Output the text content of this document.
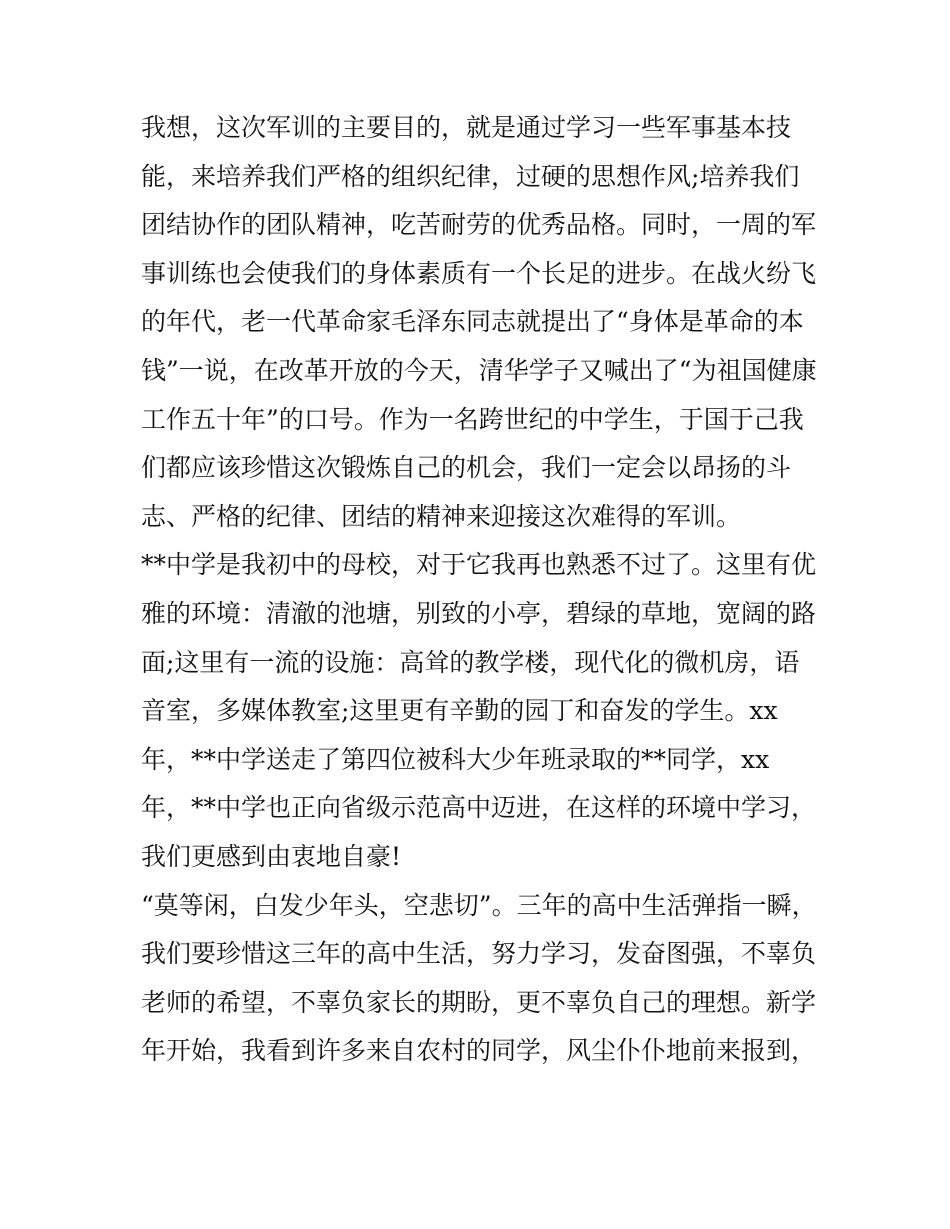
我想，这次军训的主要目的，就是通过学习一些军事基本技
能，来培养我们严格的组织纪律，过硬的思想作风;培养我们
团结协作的团队精神，吃苦耐劳的优秀品格。同时，一周的军
事训练也会使我们的身体素质有一个长足的进步。在战火纷飞
的年代，老一代革命家毛泽东同志就提出了“身体是革命的本
钱”一说，在改革开放的今天，清华学子又喊出了“为祖国健康
工作五十年”的口号。作为一名跨世纪的中学生，于国于己我
们都应该珍惜这次锻炼自己的机会，我们一定会以昂扬的斗
志、严格的纪律、团结的精神来迎接这次难得的军训。
**中学是我初中的母校，对于它我再也熟悉不过了。这里有优
雅的环境：清澈的池塘，别致的小亭，碧绿的草地，宽阔的路
面;这里有一流的设施：高耸的教学楼，现代化的微机房，语
音室，多媒体教室;这里更有辛勤的园丁和奋发的学生。xx
年，**中学送走了第四位被科大少年班录取的**同学，xx
年，**中学也正向省级示范高中迈进，在这样的环境中学习，
我们更感到由衷地自豪!
“莫等闲，白发少年头，空悲切”。三年的高中生活弹指一瞬，
我们要珍惜这三年的高中生活，努力学习，发奋图强，不辜负
老师的希望，不辜负家长的期盼，更不辜负自己的理想。新学
年开始，我看到许多来自农村的同学，风尘仆仆地前来报到，
